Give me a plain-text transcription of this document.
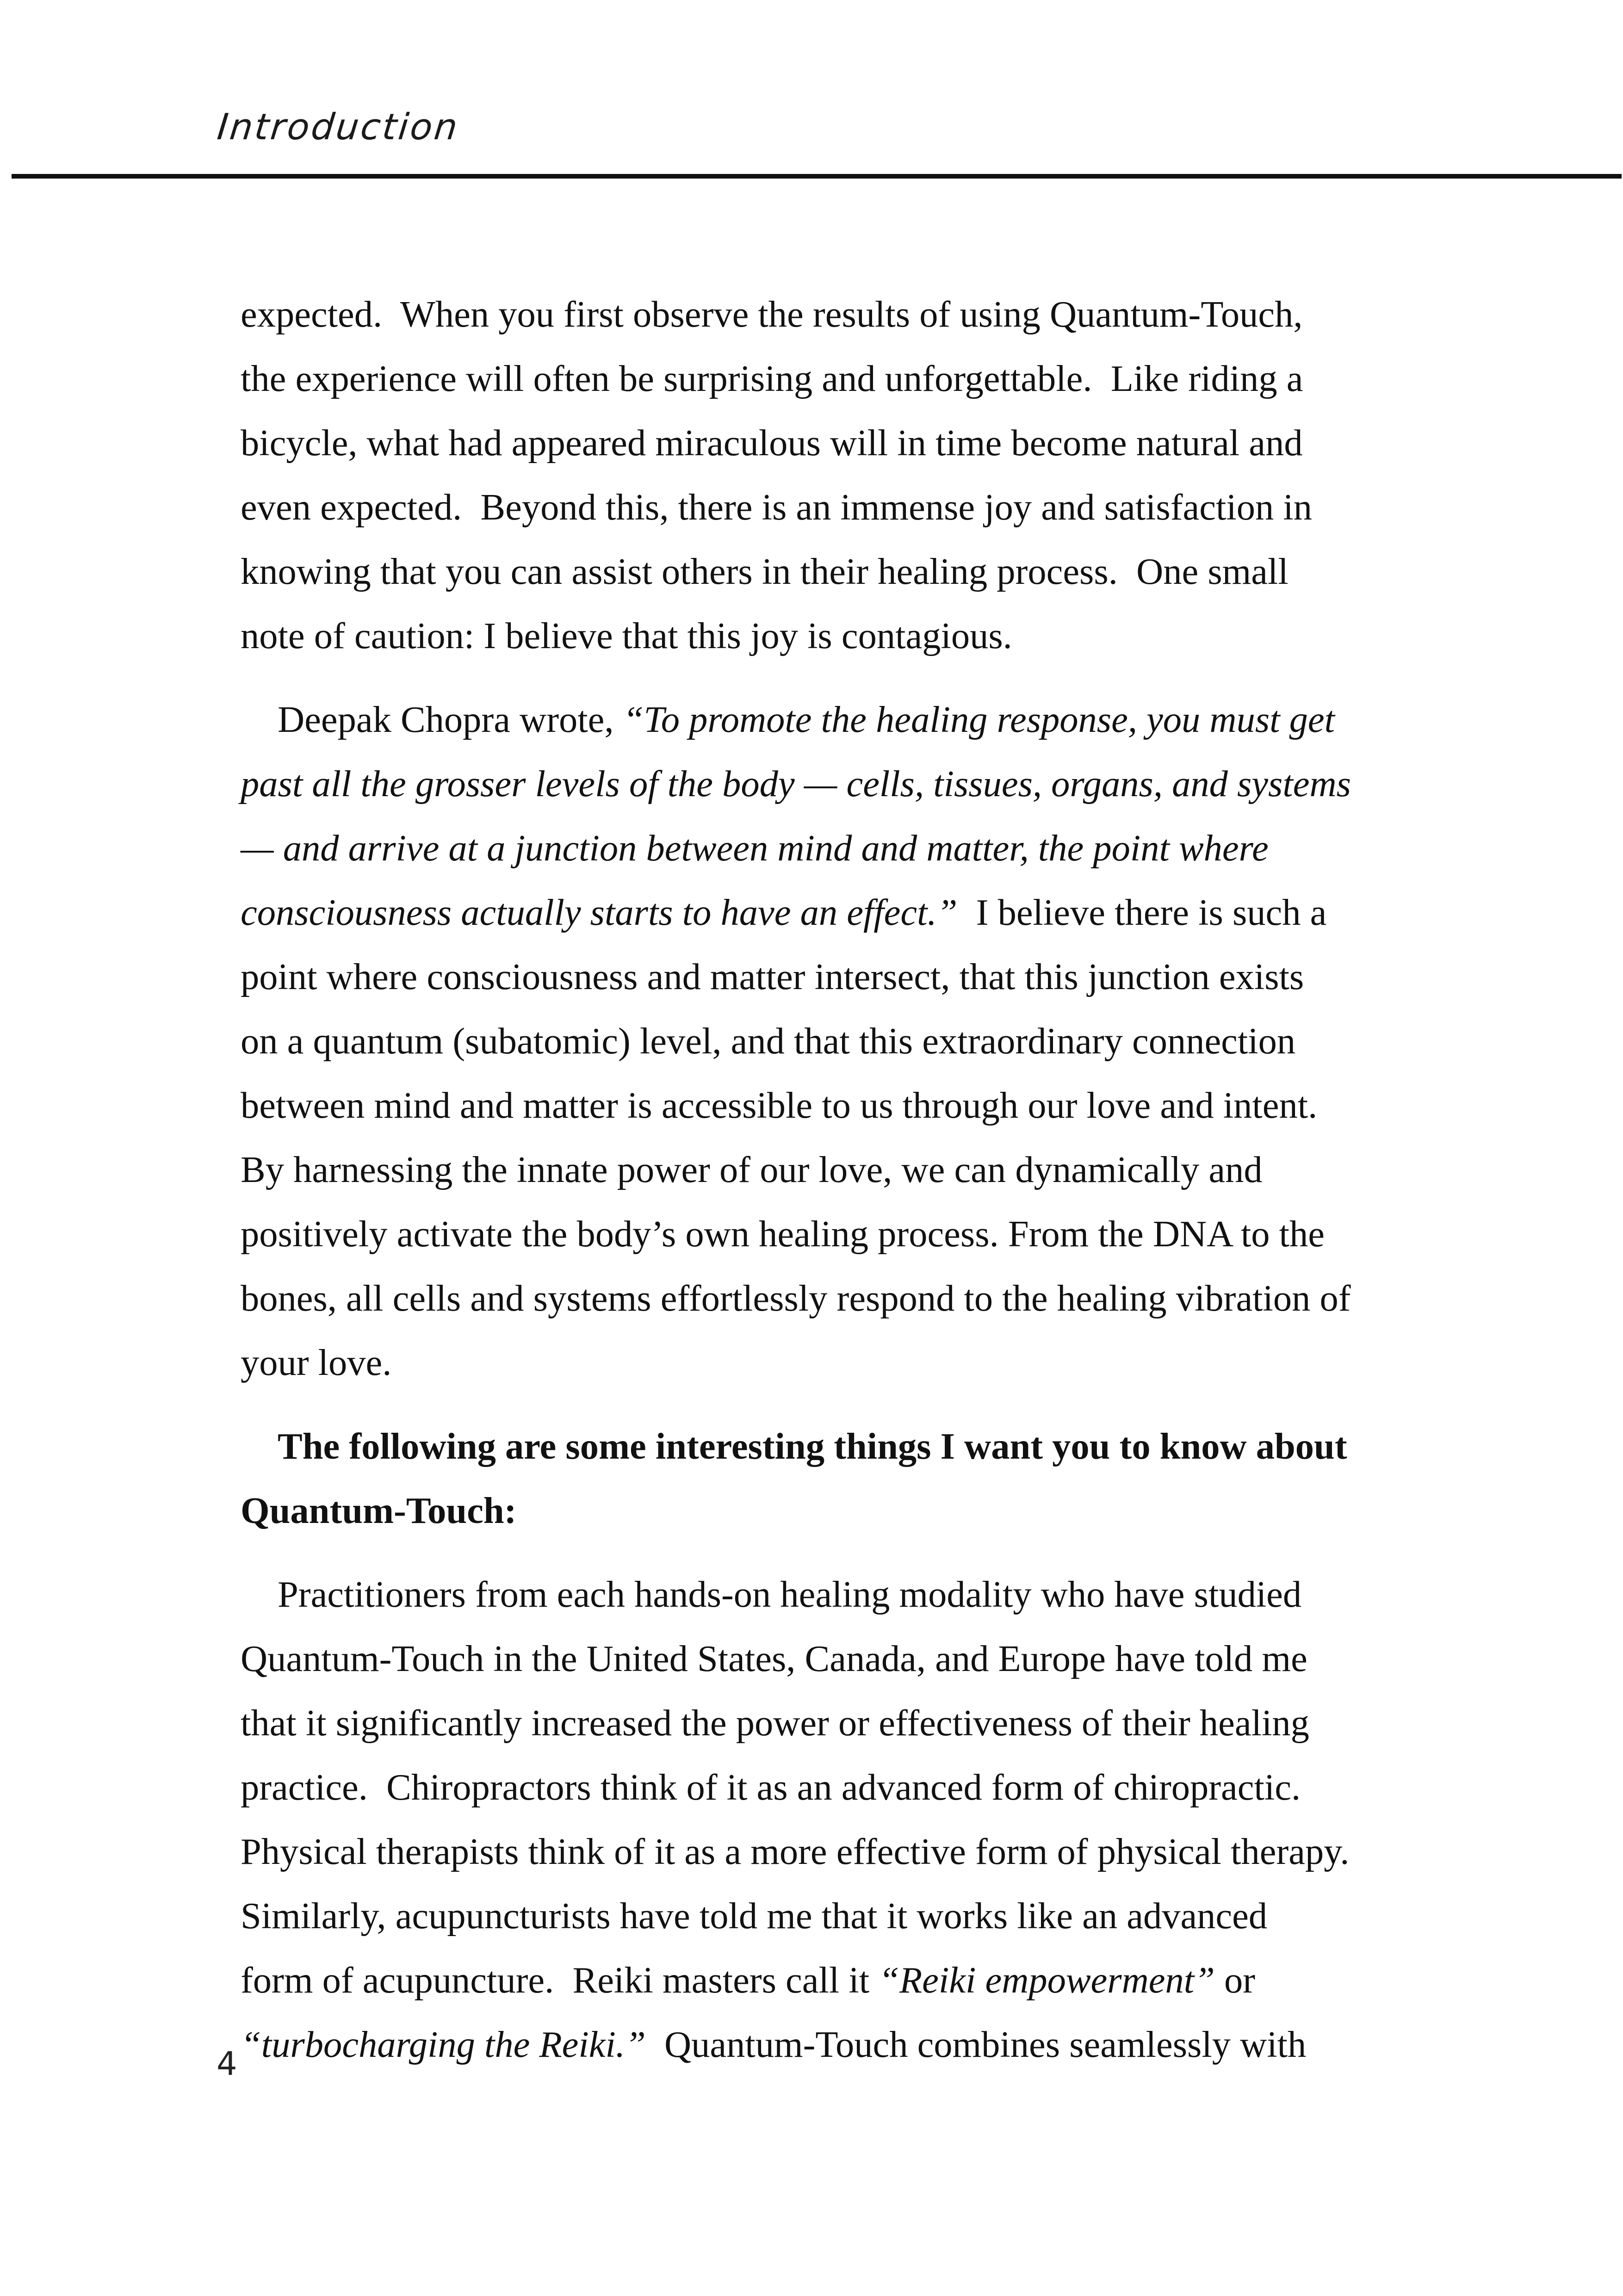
Introduction

expected.  When you first observe the results of using Quantum-Touch,

the experience will often be surprising and unforgettable.  Like riding a

bicycle, what had appeared miraculous will in time become natural and

even expected.  Beyond this, there is an immense joy and satisfaction in

knowing that you can assist others in their healing process.  One small

note of caution: I believe that this joy is contagious.

Deepak Chopra wrote, “To promote the healing response, you must get

past all the grosser levels of the body — cells, tissues, organs, and systems

— and arrive at a junction between mind and matter, the point where

consciousness actually starts to have an effect.”  I believe there is such a

point where consciousness and matter intersect, that this junction exists

on a quantum (subatomic) level, and that this extraordinary connection

between mind and matter is accessible to us through our love and intent.

By harnessing the innate power of our love, we can dynamically and

positively activate the body’s own healing process. From the DNA to the

bones, all cells and systems effortlessly respond to the healing vibration of

your love.

The following are some interesting things I want you to know about

Quantum-Touch:

Practitioners from each hands-on healing modality who have studied

Quantum-Touch in the United States, Canada, and Europe have told me

that it significantly increased the power or effectiveness of their healing

practice.  Chiropractors think of it as an advanced form of chiropractic.

Physical therapists think of it as a more effective form of physical therapy.

Similarly, acupuncturists have told me that it works like an advanced

form of acupuncture.  Reiki masters call it “Reiki empowerment” or

“turbocharging the Reiki.”  Quantum-Touch combines seamlessly with

4
